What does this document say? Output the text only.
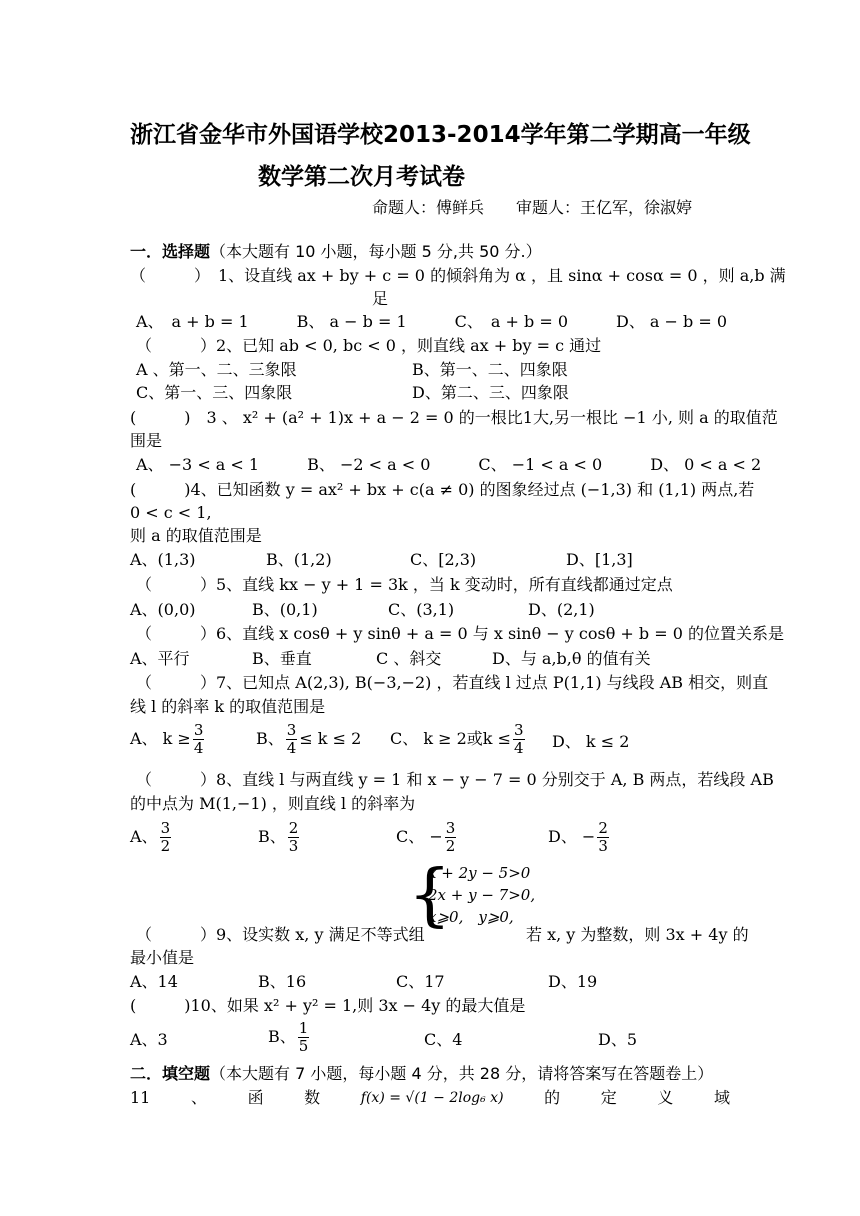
浙江省金华市外国语学校2013-2014学年第二学期高一年级
数学第二次月考试卷
命题人：傅鲜兵　　审题人：王亿军，徐淑婷
一．选择题（本大题有 10 小题，每小题 5 分,共 50 分.）
（　　　）　1、设直线 ax + by + c = 0 的倾斜角为 α ，且 sinα + cosα = 0 ，则 a,b 满
足
A、　a + b = 1　　　B、 a − b = 1　　　C、　a + b = 0　　　D、 a − b = 0
（　　　）2、已知 ab < 0, bc < 0 ，则直线 ax + by = c 通过
A 、第一、二、三象限	B、第一、二、四象限
C、第一、三、四象限	D、第二、三、四象限
(　　　)　3 、 x² + (a² + 1)x + a − 2 = 0 的一根比1大,另一根比 −1 小, 则 a 的取值范
围是
A、 −3 < a < 1　　　B、 −2 < a < 0　　　C、 −1 < a < 0　　　D、 0 < a < 2
(　　　)4、已知函数 y = ax² + bx + c(a ≠ 0) 的图象经过点 (−1,3) 和 (1,1) 两点,若
0 < c < 1,
则 a 的取值范围是
A、(1,3)	B、(1,2)	C、[2,3)	D、[1,3]
（　　　）5、直线 kx − y + 1 = 3k ，当 k 变动时，所有直线都通过定点
A、(0,0)	B、(0,1)	C、(3,1)	D、(2,1)
（　　　）6、直线 x cosθ + y sinθ + a = 0 与 x sinθ − y cosθ + b = 0 的位置关系是
A、平行	B、垂直	C 、斜交	D、与 a,b,θ 的值有关
（　　　）7、已知点 A(2,3), B(−3,−2) ，若直线 l 过点 P(1,1) 与线段 AB 相交，则直
线 l 的斜率 k 的取值范围是
A、 $k \ge \frac{3}{4}$	B、 $\frac{3}{4} \le k \le 2$ C、 k ≥ 2或$k \le \frac{3}{4}$ D、 k ≤ 2
（　　　）8、直线 l 与两直线 y = 1 和 x − y − 7 = 0 分别交于 A, B 两点，若线段 AB
的中点为 M(1,−1) ，则直线 l 的斜率为
A、 $\frac{3}{2}$	B、 $\frac{2}{3}$	C、 − $\frac{3}{2}$	D、 − $\frac{2}{3}$
{
x + 2y − 5>0
2x + y − 7>0,
x⩾0,　y⩾0,
（　　　）9、设实数 x, y 满足不等式组	若 x, y 为整数，则 3x + 4y 的
最小值是
A、14	B、16	C、17	D、19
(　　　)10、如果 x² + y² = 1,则 3x − 4y 的最大值是
A、3	B、 $\frac{1}{5}$	C、4	D、5
二．填空题（本大题有 7 小题，每小题 4 分，共 28 分，请将答案写在答题卷上）
11	、	函	数	f(x) = √(1 − 2log₆ x)	的	定	义	域
